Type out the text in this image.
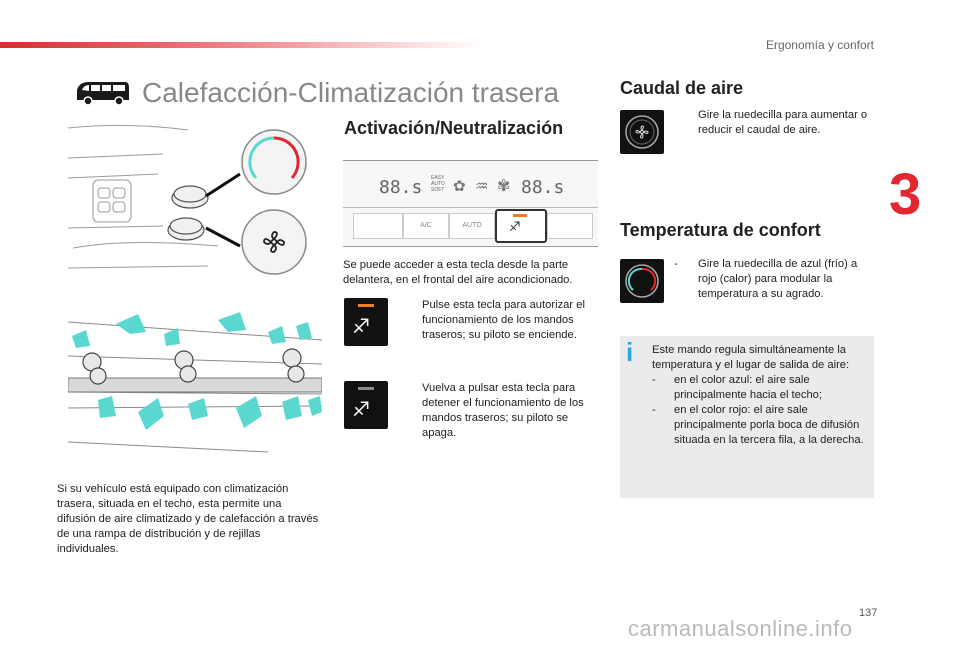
Ergonomía y confort
3
Calefacción-Climatización trasera
Si su vehículo está equipado con climatización trasera, situada en el techo, esta permite una difusión de aire climatizado y de calefacción a través de una rampa de distribución y de rejillas individuales.
Activación/Neutralización
88.s EASY
AUTO
SOFT ✿ ♒ ✾ 88.s
A/C	AUTO	♐
Se puede acceder a esta tecla desde la parte delantera, en el frontal del aire acondicionado.
♐
Pulse esta tecla para autorizar el funcionamiento de los mandos traseros; su piloto se enciende.
♐
Vuelva a pulsar esta tecla para detener el funcionamiento de los mandos traseros; su piloto se apaga.
Caudal de aire
Gire la ruedecilla para aumentar o reducir el caudal de aire.
Temperatura de confort
-	Gire la ruedecilla de azul (frío) a rojo (calor) para modular la temperatura a su agrado.
i	Este mando regula simultáneamente la temperatura y el lugar de salida de aire:
-	en el color azul: el aire sale principalmente hacia el techo;
-	en el color rojo: el aire sale principalmente porla boca de difusión situada en la tercera fila, a la derecha.
137
carmanualsonline.info
